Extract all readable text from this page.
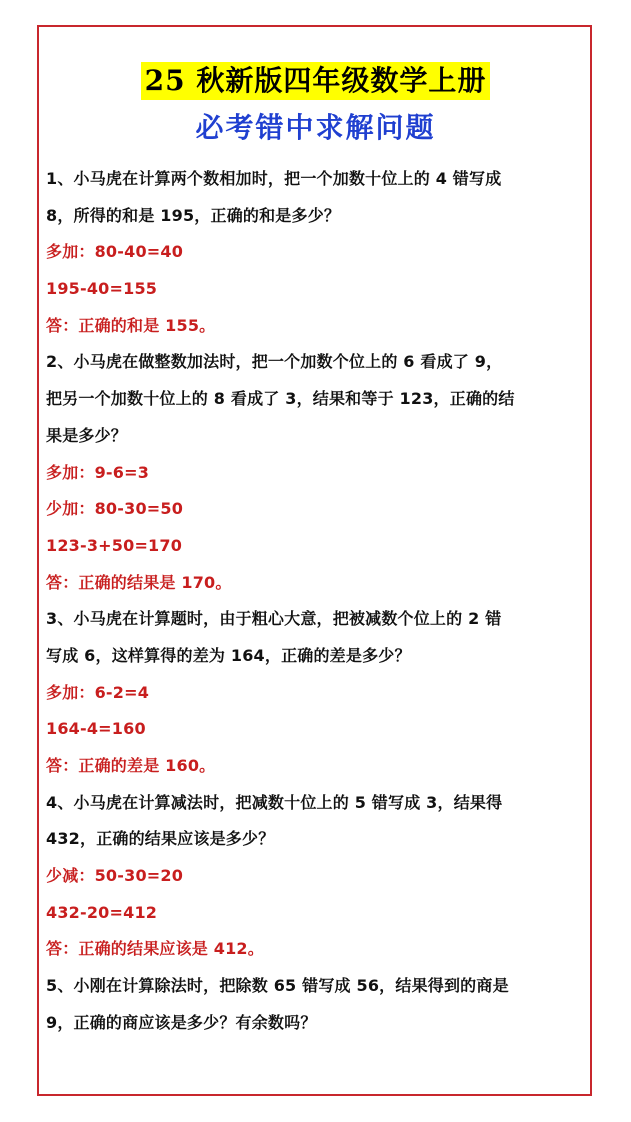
25 秋新版四年级数学上册
必考错中求解问题
1、小马虎在计算两个数相加时，把一个加数十位上的 4 错写成
8，所得的和是 195，正确的和是多少？
多加：80-40=40
195-40=155
答：正确的和是 155。
2、小马虎在做整数加法时，把一个加数个位上的 6 看成了 9，
把另一个加数十位上的 8 看成了 3，结果和等于 123，正确的结
果是多少？
多加：9-6=3
少加：80-30=50
123-3+50=170
答：正确的结果是 170。
3、小马虎在计算题时，由于粗心大意，把被减数个位上的 2 错
写成 6，这样算得的差为 164，正确的差是多少？
多加：6-2=4
164-4=160
答：正确的差是 160。
4、小马虎在计算减法时，把减数十位上的 5 错写成 3，结果得
432，正确的结果应该是多少？
少减：50-30=20
432-20=412
答：正确的结果应该是 412。
5、小刚在计算除法时，把除数 65 错写成 56，结果得到的商是
9，正确的商应该是多少？有余数吗？
